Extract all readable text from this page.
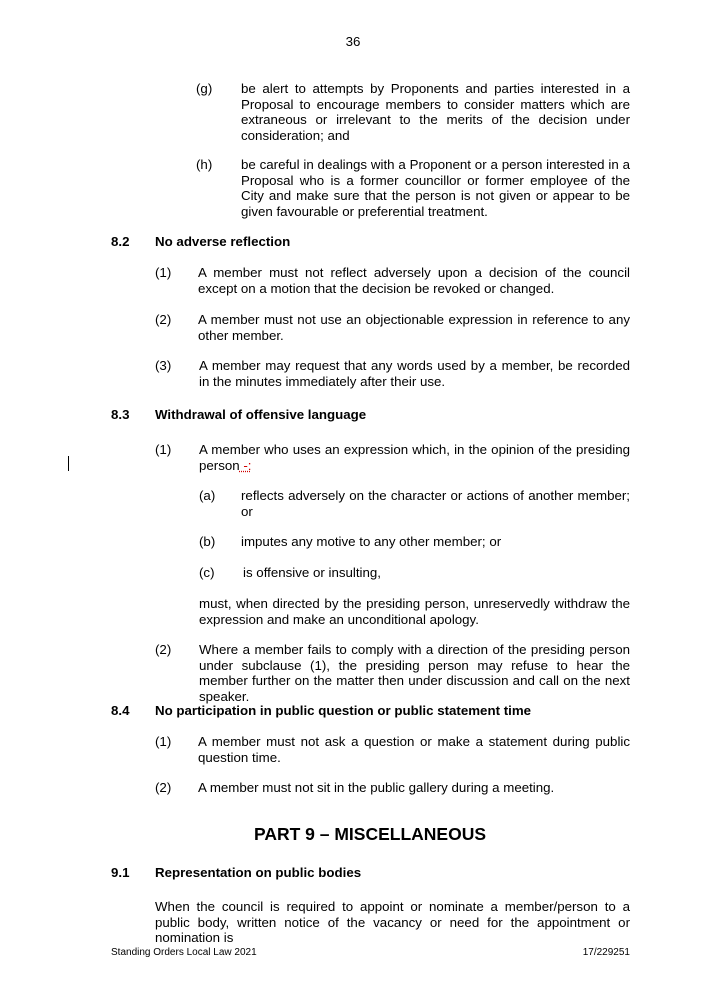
36
(g) be alert to attempts by Proponents and parties interested in a Proposal to encourage members to consider matters which are extraneous or irrelevant to the merits of the decision under consideration; and
(h) be careful in dealings with a Proponent or a person interested in a Proposal who is a former councillor or former employee of the City and make sure that the person is not given or appear to be given favourable or preferential treatment.
8.2 No adverse reflection
(1) A member must not reflect adversely upon a decision of the council except on a motion that the decision be revoked or changed.
(2) A member must not use an objectionable expression in reference to any other member.
(3) A member may request that any words used by a member, be recorded in the minutes immediately after their use.
8.3 Withdrawal of offensive language
(1) A member who uses an expression which, in the opinion of the presiding person -:
(a) reflects adversely on the character or actions of another member; or
(b) imputes any motive to any other member; or
(c) is offensive or insulting,
must, when directed by the presiding person, unreservedly withdraw the expression and make an unconditional apology.
(2) Where a member fails to comply with a direction of the presiding person under subclause (1), the presiding person may refuse to hear the member further on the matter then under discussion and call on the next speaker.
8.4 No participation in public question or public statement time
(1) A member must not ask a question or make a statement during public question time.
(2) A member must not sit in the public gallery during a meeting.
PART 9 – MISCELLANEOUS
9.1 Representation on public bodies
When the council is required to appoint or nominate a member/person to a public body, written notice of the vacancy or need for the appointment or nomination is
Standing Orders Local Law 2021	17/229251
